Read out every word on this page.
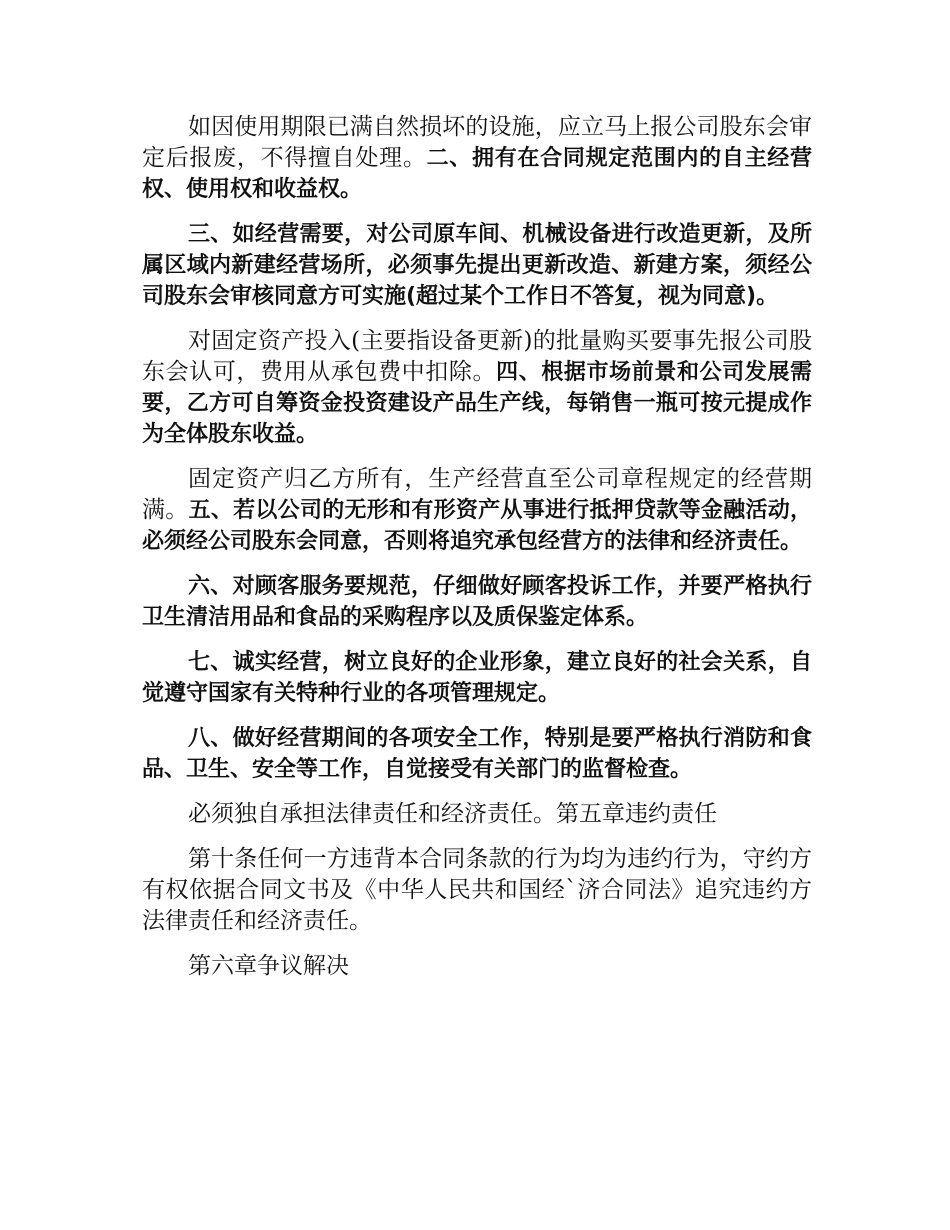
如因使用期限已满自然损坏的设施，应立马上报公司股东会审定后报废，不得擅自处理。二、拥有在合同规定范围内的自主经营权、使用权和收益权。

三、如经营需要，对公司原车间、机械设备进行改造更新，及所属区域内新建经营场所，必须事先提出更新改造、新建方案，须经公司股东会审核同意方可实施(超过某个工作日不答复，视为同意)。

对固定资产投入(主要指设备更新)的批量购买要事先报公司股东会认可，费用从承包费中扣除。四、根据市场前景和公司发展需要，乙方可自筹资金投资建设产品生产线，每销售一瓶可按元提成作为全体股东收益。

固定资产归乙方所有，生产经营直至公司章程规定的经营期满。五、若以公司的无形和有形资产从事进行抵押贷款等金融活动，必须经公司股东会同意，否则将追究承包经营方的法律和经济责任。

六、对顾客服务要规范，仔细做好顾客投诉工作，并要严格执行卫生清洁用品和食品的采购程序以及质保鉴定体系。

七、诚实经营，树立良好的企业形象，建立良好的社会关系，自觉遵守国家有关特种行业的各项管理规定。

八、做好经营期间的各项安全工作，特别是要严格执行消防和食品、卫生、安全等工作，自觉接受有关部门的监督检查。

必须独自承担法律责任和经济责任。第五章违约责任

第十条任何一方违背本合同条款的行为均为违约行为，守约方有权依据合同文书及《中华人民共和国经`济合同法》追究违约方法律责任和经济责任。

第六章争议解决
